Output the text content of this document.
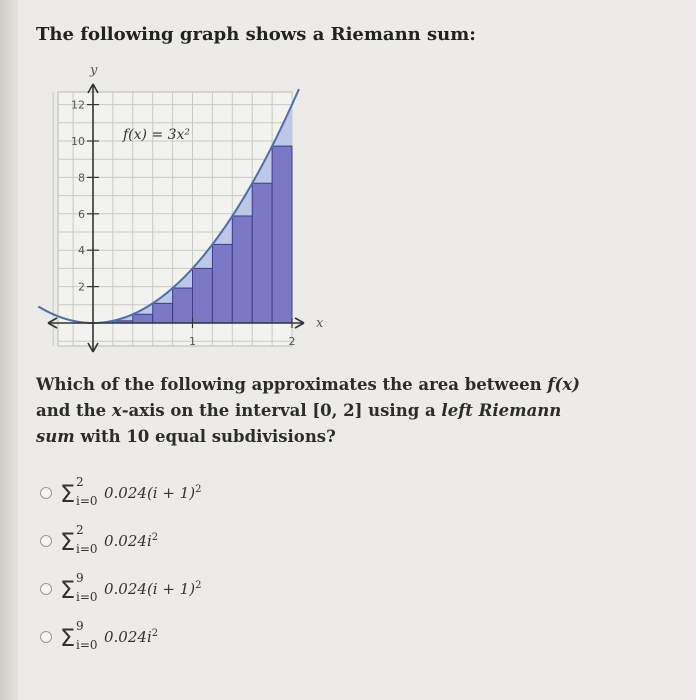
The following graph shows a Riemann sum:
2
4
6
8
10
12
1	2
x
y
f(x) = 3x²
Which of the following approximates the area between f(x) and the x-axis on the interval [0, 2] using a left Riemann sum with 10 equal subdivisions?
Σ 2
i=0 $0.024(i + 1)^2$
Σ 2
i=0 $0.024i^2$
Σ 9
i=0 $0.024(i + 1)^2$
Σ 9
i=0 $0.024i^2$
